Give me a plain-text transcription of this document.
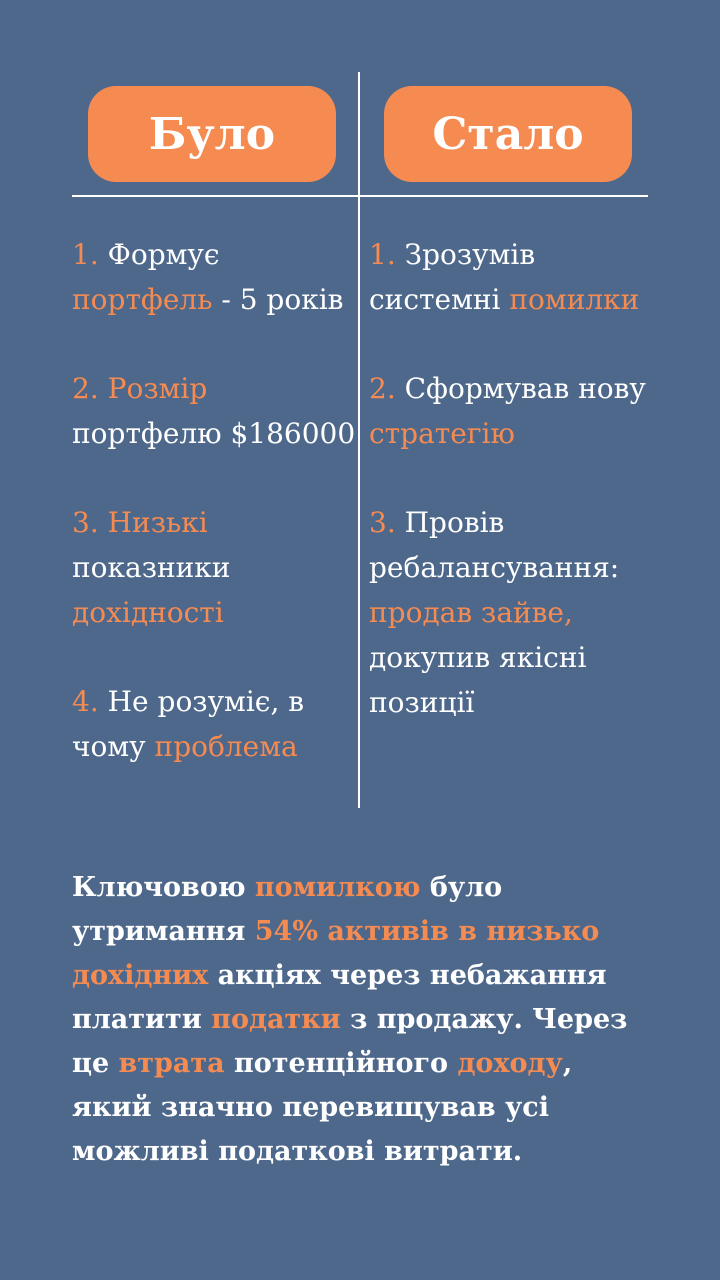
Було	Стало
1. Формує
портфель - 5 років
2. Розмір
портфелю $186000
3. Низькі
показники
дохідності
4. Не розуміє, в
чому проблема
1. Зрозумів
системні помилки
2. Сформував нову
стратегію
3. Провів
ребалансування:
продав зайве,
докупив якісні
позиції

Ключовою помилкою було

утримання 54% активів в низько

дохідних акціях через небажання

платити податки з продажу. Через

це втрата потенційного доходу,

який значно перевищував усі

можливі податкові витрати.
